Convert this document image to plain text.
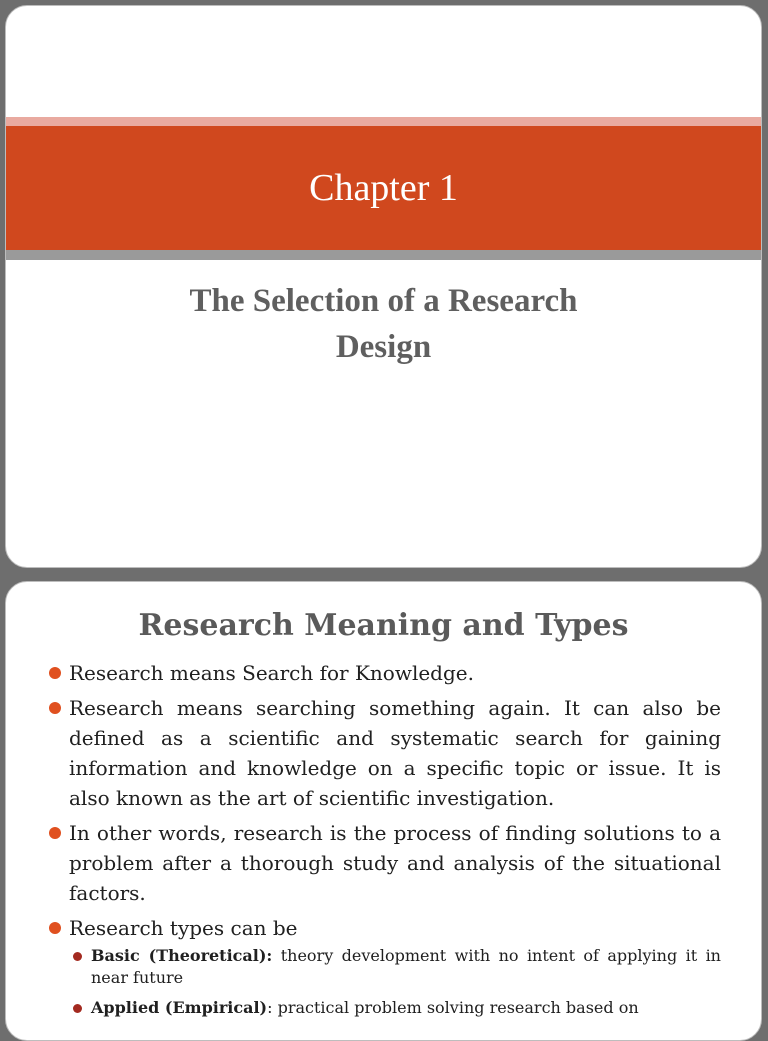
Chapter 1
The Selection of a Research
Design
Research Meaning and Types
Research means Search for Knowledge.
Research means searching something again. It can also be defined as a scientific and systematic search for gaining information and knowledge on a specific topic or issue. It is also known as the art of scientific investigation.
In other words, research is the process of finding solutions to a problem after a thorough study and analysis of the situational factors.
Research types can be
Basic (Theoretical): theory development with no intent of applying it in near future
Applied (Empirical): practical problem solving research based on
